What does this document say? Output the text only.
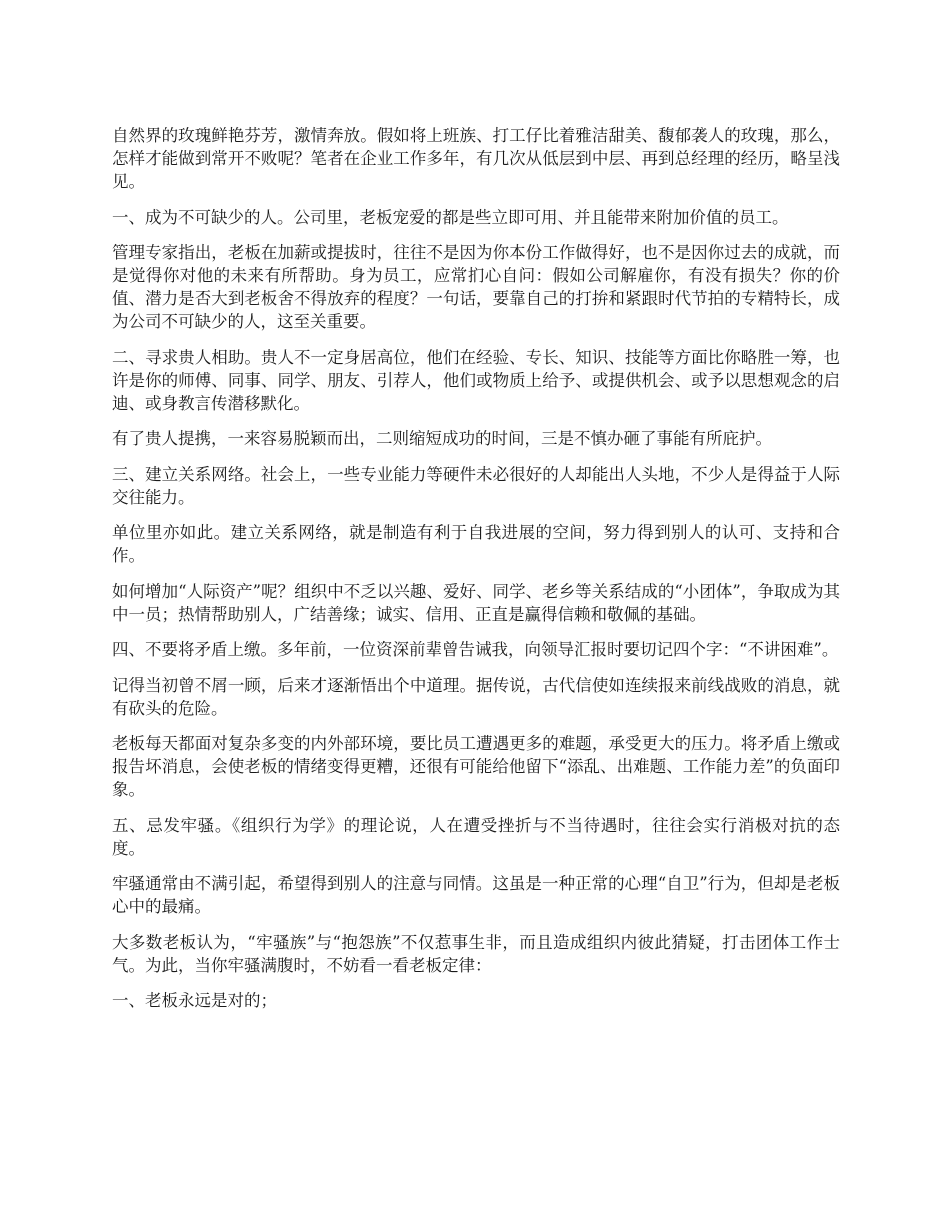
自然界的玫瑰鲜艳芬芳，激情奔放。假如将上班族、打工仔比着雅洁甜美、馥郁袭人的玫瑰，那么，怎样才能做到常开不败呢？笔者在企业工作多年，有几次从低层到中层、再到总经理的经历，略呈浅见。

一、成为不可缺少的人。公司里，老板宠爱的都是些立即可用、并且能带来附加价值的员工。

管理专家指出，老板在加薪或提拔时，往往不是因为你本份工作做得好，也不是因你过去的成就，而是觉得你对他的未来有所帮助。身为员工，应常扪心自问：假如公司解雇你，有没有损失？你的价值、潜力是否大到老板舍不得放弃的程度？一句话，要靠自己的打拚和紧跟时代节拍的专精特长，成为公司不可缺少的人，这至关重要。

二、寻求贵人相助。贵人不一定身居高位，他们在经验、专长、知识、技能等方面比你略胜一筹，也许是你的师傅、同事、同学、朋友、引荐人，他们或物质上给予、或提供机会、或予以思想观念的启迪、或身教言传潜移默化。

有了贵人提携，一来容易脱颖而出，二则缩短成功的时间，三是不慎办砸了事能有所庇护。

三、建立关系网络。社会上，一些专业能力等硬件未必很好的人却能出人头地，不少人是得益于人际交往能力。

单位里亦如此。建立关系网络，就是制造有利于自我进展的空间，努力得到别人的认可、支持和合作。

如何增加“人际资产”呢？组织中不乏以兴趣、爱好、同学、老乡等关系结成的“小团体”，争取成为其中一员；热情帮助别人，广结善缘；诚实、信用、正直是赢得信赖和敬佩的基础。

四、不要将矛盾上缴。多年前，一位资深前辈曾告诫我，向领导汇报时要切记四个字：“不讲困难”。

记得当初曾不屑一顾，后来才逐渐悟出个中道理。据传说，古代信使如连续报来前线战败的消息，就有砍头的危险。

老板每天都面对复杂多变的内外部环境，要比员工遭遇更多的难题，承受更大的压力。将矛盾上缴或报告坏消息，会使老板的情绪变得更糟，还很有可能给他留下“添乱、出难题、工作能力差”的负面印象。

五、忌发牢骚。《组织行为学》的理论说，人在遭受挫折与不当待遇时，往往会实行消极对抗的态度。

牢骚通常由不满引起，希望得到别人的注意与同情。这虽是一种正常的心理“自卫”行为，但却是老板心中的最痛。

大多数老板认为，“牢骚族”与“抱怨族”不仅惹事生非，而且造成组织内彼此猜疑，打击团体工作士气。为此，当你牢骚满腹时，不妨看一看老板定律：

一、老板永远是对的；
